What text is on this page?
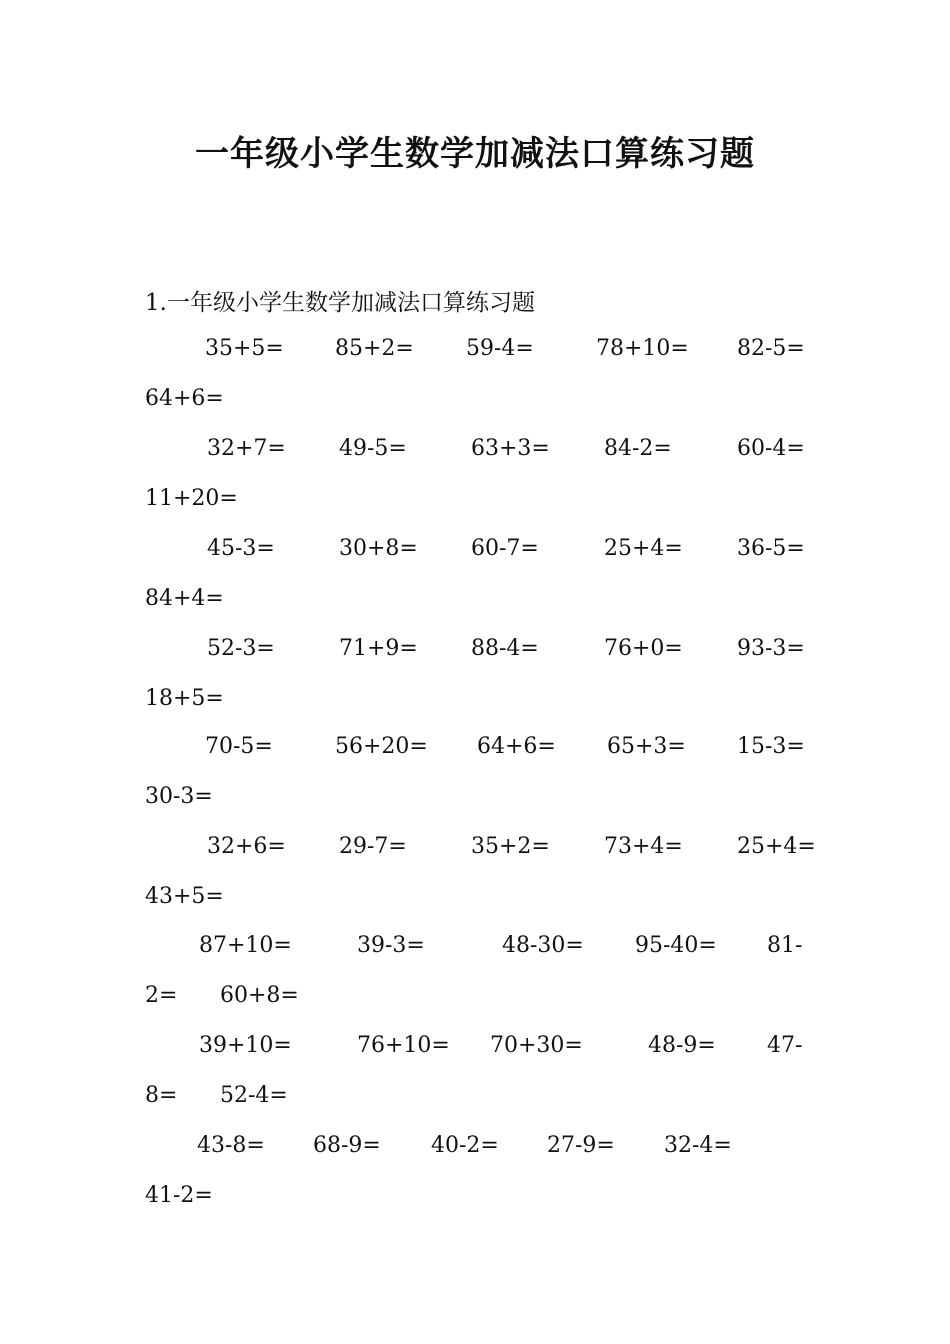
一年级小学生数学加减法口算练习题
1.一年级小学生数学加减法口算练习题
35+5= 85+2= 59-4=	78+10= 82-5=
64+6=
32+7= 49-5=	63+3= 84-2=	60-4=
11+20=
45-3=	30+8= 60-7=	25+4= 36-5=
84+4=
52-3=	71+9= 88-4=	76+0= 93-3=
18+5=
70-5=	56+20= 64+6= 65+3= 15-3=
30-3=
32+6= 29-7=	35+2= 73+4= 25+4=
43+5=
87+10=	39-3=	48-30= 95-40= 81-
2= 60+8=
39+10=	76+10= 70+30=	48-9= 47-
8= 52-4=
43-8= 68-9= 40-2= 27-9= 32-4=
41-2=
